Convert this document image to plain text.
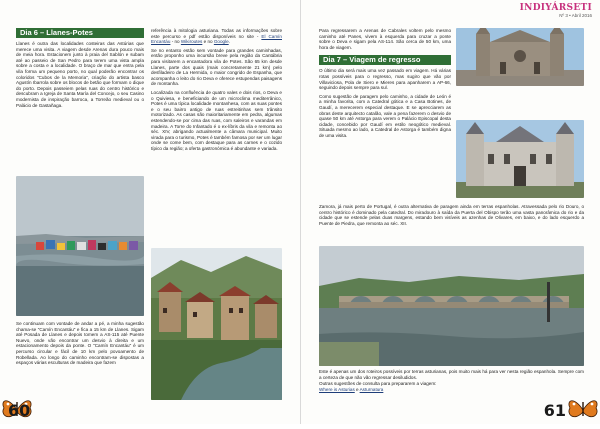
Dia 6 – Llanes-Potes

Llanes é outra das localidades costeiras das Astúrias que merece uma visita. A viagem desde Arenas dura pouco mais de meia hora. Estacionem junto à praia del Sablón e subam até ao passeio de San Pedro para terem uma vista ampla sobre a costa e a localidade. O braço de mar que entra pela vila forma um pequeno porto, no qual poderão encontrar os coloridos "Cubos de la Memoria", criação do artista basco Agustín Ibarrola sobre os blocos de betão que formam o dique do porto. Depois passeiem pelas ruas do centro histórico e descubram a Igreja de Santa María del Concejo, o seu Casino modernista de inspiração barroca, a Torreão medieval ou o Palácio de Gastañaga.

Se continuam com vontade de andar a pé, a minha sugestão chama-se "Camín Encantáu" e fica a 15 km de Llanes. Sigam até Posada de Llanes e depois tomem a AS-115 até Puente Nuevo, onde vão encontrar um desvio à direita e um estacionamento depois da ponte. O "Camín Encantáu" é um percurso circular e fácil de 10 km pelo povoamento de Robellada. Ao longo do caminho encontram-se dispostas a espaços várias esculturas de madeira que fazem

referência à mitologia asturiana. Todas as informações sobre este percurso e pdf estão disponíveis no site - El Camín Encantáu - no Wikiroutes e no Google.

Se no entanto estão sem vontade para grandes caminhadas, então proponho uma incursão breve pela região da Cantábria para visitarem a encantadora vila de Potes. São 65 km desde Llanes, parte dos quais (mais concretamente 21 km) pelo desfiladeiro de La Hermida, o maior congrido de Espanha, que acompanha o leito do rio Deva e oferece estupendas paisagens de montanha.

Localizada na confluência de quatro vales e dois rios, o Deva e o Quiviesa, e beneficiando de um microclima mediterrânico, Potes é uma típica localidade montanhesa, com as suas pontes e o seu bairro antigo de ruas estreitinhas sem trânsito motorizado. As casas são maioritariamente em pedra, algumas estendendo-se por cima das ruas, com saleiros e varandas em madeira. A Torre do Infantado é o ex-líbris da vila e remonta ao séc. XIV, abrigando actualmente a câmara municipal. Muito virada para o turismo, Potes é também famosa por ser um lugar onde se come bem, com destaque para as carnes e o cozido típico da região; a oferta gastronómica é abundante e variada.

60
INDIYÁRSETI
Nº 3 • Abril 2016

Para regressarem a Arenas de Cabrales voltem pelo mesmo caminho até Panes, vivem à esquerda para cruzar a ponte sobre o Deva e sigam pela AS-114. São cerca de 50 km, uma hora de viagem.

Dia 7 – Viagem de regresso

O último dia será mais uma vez passado em viagem. Há várias rotas possíveis para o regresso, mas sugiro que vão por Villaviciosa, Pola de Siero e Mieres para apanharem a AP-66, seguindo depois sempre para sul.

Como sugestão de paragem pelo caminho, a cidade de León é a minha favorita, com a Catedral gótica e a Casa Botines, de Gaudí, a merecerem especial destaque. E se aprecciarem as obras deste arquitecto catalão, vale a pena fazerem o desvio de quase 50 km até Astorga para verem o Palácio Episcopal desta cidade, concebido por Gaudí em estilo neogótico medieval. Situada mesmo ao lado, a Catedral de Astorga é também digna de uma visita.

Zamora, já mais perto de Portugal, é outra alternativa de paragem ainda em terras espanholas. Atravessada pelo rio Douro, o centro histórico é dominado pela catedral. Do miradouro à saída da Puerta del Obispo terão uma vasta panorâmica do rio e da cidade que se estende pelas duas margens, estando bem visíveis as azenhas de Olivares, em baixo, e do lado esquerdo a Puente de Piedra, que remonta ao séc. XII.

Este é apenas um dos roteiros possíveis por terras asturianas, pois muito mais há para ver nesta região espanhola. Sempre com a certeza de que não vão regressar desiludidos.

Outras sugestões de consulta para prepararem a viagem:

Where is Asturias e Asturnatura

61
